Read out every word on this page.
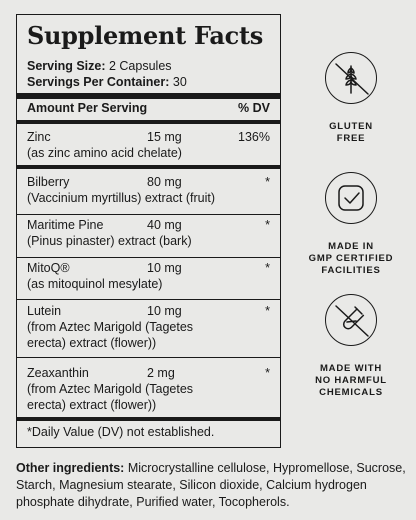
Supplement Facts
Serving Size: 2 Capsules
Servings Per Container: 30
Amount Per Serving	% DV
Zinc	15 mg	136%
(as zinc amino acid chelate)
Bilberry	80 mg	*
(Vaccinium myrtillus) extract (fruit)
Maritime Pine	40 mg	*
(Pinus pinaster) extract (bark)
MitoQ®	10 mg	*
(as mitoquinol mesylate)
Lutein	10 mg	*
(from Aztec Marigold (Tagetes
erecta) extract (flower))
Zeaxanthin	2 mg	*
(from Aztec Marigold (Tagetes
erecta) extract (flower))
*Daily Value (DV) not established.
Other ingredients: Microcrystalline cellulose, Hypromellose, Sucrose, Starch, Magnesium stearate, Silicon dioxide, Calcium hydrogen phosphate dihydrate, Purified water, Tocopherols.
GLUTEN
FREE
MADE IN
GMP CERTIFIED
FACILITIES
MADE WITH
NO HARMFUL
CHEMICALS
